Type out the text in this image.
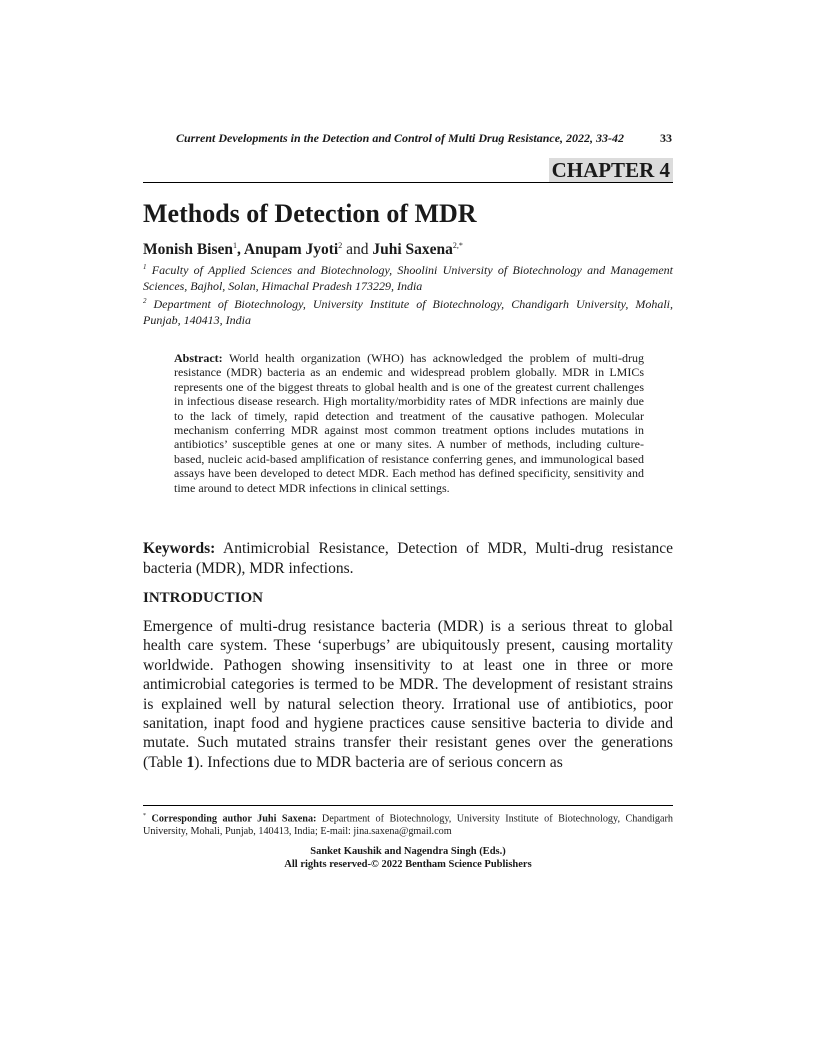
Current Developments in the Detection and Control of Multi Drug Resistance, 2022, 33-42	33
CHAPTER 4
Methods of Detection of MDR
Monish Bisen$^1$, Anupam Jyoti$^2$ and Juhi Saxena$^{2,*}$
$^1$ Faculty of Applied Sciences and Biotechnology, Shoolini University of Biotechnology and Management Sciences, Bajhol, Solan, Himachal Pradesh 173229, India
$^2$ Department of Biotechnology, University Institute of Biotechnology, Chandigarh University, Mohali, Punjab, 140413, India
Abstract: World health organization (WHO) has acknowledged the problem of multi-drug resistance (MDR) bacteria as an endemic and widespread problem globally. MDR in LMICs represents one of the biggest threats to global health and is one of the greatest current challenges in infectious disease research. High mortality/morbidity rates of MDR infections are mainly due to the lack of timely, rapid detection and treatment of the causative pathogen. Molecular mechanism conferring MDR against most common treatment options includes mutations in antibiotics’ susceptible genes at one or many sites. A number of methods, including culture-based, nucleic acid-based amplification of resistance conferring genes, and immunological based assays have been developed to detect MDR. Each method has defined specificity, sensitivity and time around to detect MDR infections in clinical settings.
Keywords: Antimicrobial Resistance, Detection of MDR, Multi-drug resistance bacteria (MDR), MDR infections.
INTRODUCTION
Emergence of multi-drug resistance bacteria (MDR) is a serious threat to global health care system. These ‘superbugs’ are ubiquitously present, causing mortality worldwide. Pathogen showing insensitivity to at least one in three or more antimicrobial categories is termed to be MDR. The development of resistant strains is explained well by natural selection theory. Irrational use of antibiotics, poor sanitation, inapt food and hygiene practices cause sensitive bacteria to divide and mutate. Such mutated strains transfer their resistant genes over the generations (Table 1). Infections due to MDR bacteria are of serious concern as
* Corresponding author Juhi Saxena: Department of Biotechnology, University Institute of Biotechnology, Chandigarh University, Mohali, Punjab, 140413, India; E-mail: jina.saxena@gmail.com
Sanket Kaushik and Nagendra Singh (Eds.)
All rights reserved-© 2022 Bentham Science Publishers
